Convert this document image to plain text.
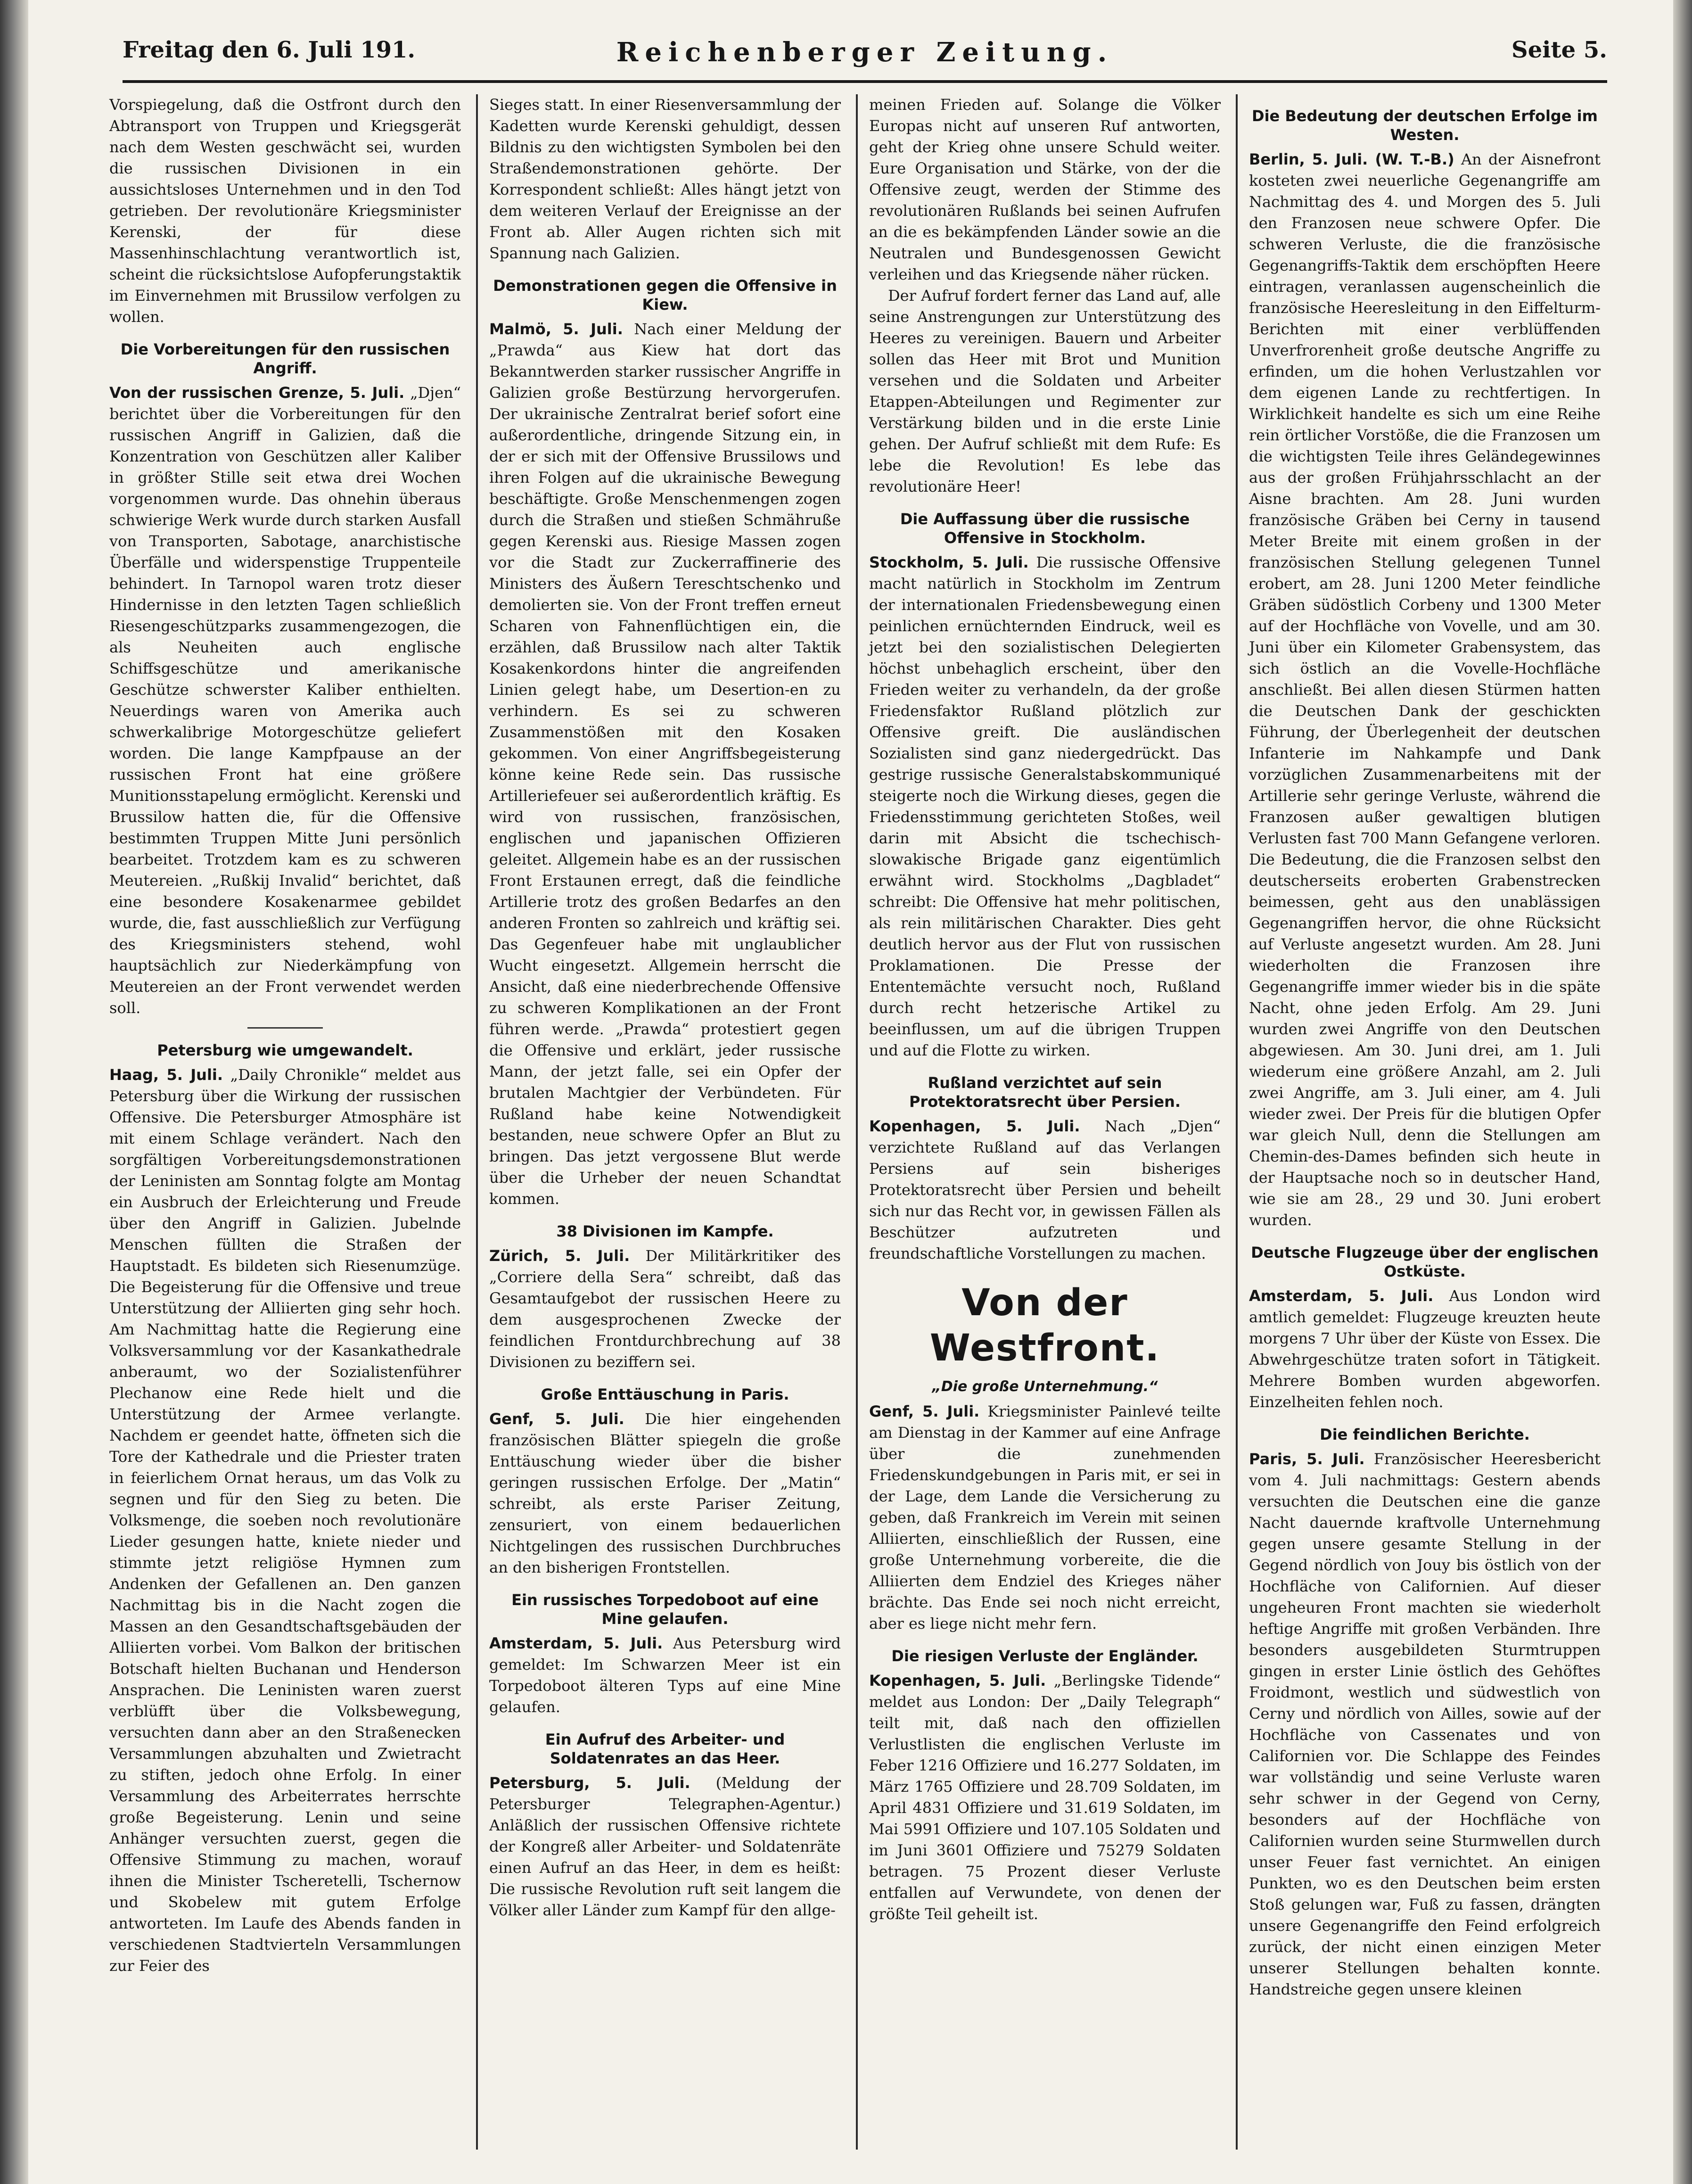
Freitag den 6. Juli 191.	Reichenberger Zeitung.	Seite 5.

Vorspiegelung, daß die Ostfront durch den Abtransport von Truppen und Kriegsgerät nach dem Westen geschwächt sei, wurden die russischen Divisionen in ein aussichtsloses Unternehmen und in den Tod getrieben. Der revolutionäre Kriegsminister Kerenski, der für diese Massenhinschlachtung verantwortlich ist, scheint die rücksichtslose Aufopferungstaktik im Einvernehmen mit Brussilow verfolgen zu wollen.

Die Vorbereitungen für den russischen Angriff.

Von der russischen Grenze, 5. Juli. „Djen“ berichtet über die Vorbereitungen für den russischen Angriff in Galizien, daß die Konzentration von Geschützen aller Kaliber in größter Stille seit etwa drei Wochen vorgenommen wurde. Das ohnehin überaus schwierige Werk wurde durch starken Ausfall von Transporten, Sabotage, anarchistische Überfälle und widerspenstige Truppenteile behindert. In Tarnopol waren trotz dieser Hindernisse in den letzten Tagen schließlich Riesengeschützparks zusammengezogen, die als Neuheiten auch englische Schiffsgeschütze und amerikanische Geschütze schwerster Kaliber enthielten. Neuerdings waren von Amerika auch schwerkalibrige Motorgeschütze geliefert worden. Die lange Kampfpause an der russischen Front hat eine größere Munitionsstapelung ermöglicht. Kerenski und Brussilow hatten die, für die Offensive bestimmten Truppen Mitte Juni persönlich bearbeitet. Trotzdem kam es zu schweren Meutereien. „Rußkij Invalid“ berichtet, daß eine besondere Kosakenarmee gebildet wurde, die, fast ausschließlich zur Verfügung des Kriegsministers stehend, wohl hauptsächlich zur Niederkämpfung von Meutereien an der Front verwendet werden soll.

Petersburg wie umgewandelt.

Haag, 5. Juli. „Daily Chronikle“ meldet aus Petersburg über die Wirkung der russischen Offensive. Die Petersburger Atmosphäre ist mit einem Schlage verändert. Nach den sorgfältigen Vorbereitungsdemonstrationen der Leninisten am Sonntag folgte am Montag ein Ausbruch der Erleichterung und Freude über den Angriff in Galizien. Jubelnde Menschen füllten die Straßen der Hauptstadt. Es bildeten sich Riesenumzüge. Die Begeisterung für die Offensive und treue Unterstützung der Alliierten ging sehr hoch. Am Nachmittag hatte die Regierung eine Volksversammlung vor der Kasankathedrale anberaumt, wo der Sozialistenführer Plechanow eine Rede hielt und die Unterstützung der Armee verlangte. Nachdem er geendet hatte, öffneten sich die Tore der Kathedrale und die Priester traten in feierlichem Ornat heraus, um das Volk zu segnen und für den Sieg zu beten. Die Volksmenge, die soeben noch revolutionäre Lieder gesungen hatte, kniete nieder und stimmte jetzt religiöse Hymnen zum Andenken der Gefallenen an. Den ganzen Nachmittag bis in die Nacht zogen die Massen an den Gesandtschaftsgebäuden der Alliierten vorbei. Vom Balkon der britischen Botschaft hielten Buchanan und Henderson Ansprachen. Die Leninisten waren zuerst verblüfft über die Volksbewegung, versuchten dann aber an den Straßenecken Versammlungen abzuhalten und Zwietracht zu stiften, jedoch ohne Erfolg. In einer Versammlung des Arbeiterrates herrschte große Begeisterung. Lenin und seine Anhänger versuchten zuerst, gegen die Offensive Stimmung zu machen, worauf ihnen die Minister Tscheretelli, Tschernow und Skobelew mit gutem Erfolge antworteten. Im Laufe des Abends fanden in verschiedenen Stadtvierteln Versammlungen zur Feier des

Sieges statt. In einer Riesenversammlung der Kadetten wurde Kerenski gehuldigt, dessen Bildnis zu den wichtigsten Symbolen bei den Straßendemonstrationen gehörte. Der Korrespondent schließt: Alles hängt jetzt von dem weiteren Verlauf der Ereignisse an der Front ab. Aller Augen richten sich mit Spannung nach Galizien.

Demonstrationen gegen die Offensive in Kiew.

Malmö, 5. Juli. Nach einer Meldung der „Prawda“ aus Kiew hat dort das Bekanntwerden starker russischer Angriffe in Galizien große Bestürzung hervorgerufen. Der ukrainische Zentralrat berief sofort eine außerordentliche, dringende Sitzung ein, in der er sich mit der Offensive Brussilows und ihren Folgen auf die ukrainische Bewegung beschäftigte. Große Menschenmengen zogen durch die Straßen und stießen Schmähruße gegen Kerenski aus. Riesige Massen zogen vor die Stadt zur Zuckerraffinerie des Ministers des Äußern Tereschtschenko und demolierten sie. Von der Front treffen erneut Scharen von Fahnenflüchtigen ein, die erzählen, daß Brussilow nach alter Taktik Kosakenkordons hinter die angreifenden Linien gelegt habe, um Desertion-en zu verhindern. Es sei zu schweren Zusammenstößen mit den Kosaken gekommen. Von einer Angriffsbegeisterung könne keine Rede sein. Das russische Artilleriefeuer sei außerordentlich kräftig. Es wird von russischen, französischen, englischen und japanischen Offizieren geleitet. Allgemein habe es an der russischen Front Erstaunen erregt, daß die feindliche Artillerie trotz des großen Bedarfes an den anderen Fronten so zahlreich und kräftig sei. Das Gegenfeuer habe mit unglaublicher Wucht eingesetzt. Allgemein herrscht die Ansicht, daß eine niederbrechende Offensive zu schweren Komplikationen an der Front führen werde. „Prawda“ protestiert gegen die Offensive und erklärt, jeder russische Mann, der jetzt falle, sei ein Opfer der brutalen Machtgier der Verbündeten. Für Rußland habe keine Notwendigkeit bestanden, neue schwere Opfer an Blut zu bringen. Das jetzt vergossene Blut werde über die Urheber der neuen Schandtat kommen.

38 Divisionen im Kampfe.

Zürich, 5. Juli. Der Militärkritiker des „Corriere della Sera“ schreibt, daß das Gesamtaufgebot der russischen Heere zu dem ausgesprochenen Zwecke der feindlichen Frontdurchbrechung auf 38 Divisionen zu beziffern sei.

Große Enttäuschung in Paris.

Genf, 5. Juli. Die hier eingehenden französischen Blätter spiegeln die große Enttäuschung wieder über die bisher geringen russischen Erfolge. Der „Matin“ schreibt, als erste Pariser Zeitung, zensuriert, von einem bedauerlichen Nichtgelingen des russischen Durchbruches an den bisherigen Frontstellen.

Ein russisches Torpedoboot auf eine Mine gelaufen.

Amsterdam, 5. Juli. Aus Petersburg wird gemeldet: Im Schwarzen Meer ist ein Torpedoboot älteren Typs auf eine Mine gelaufen.

Ein Aufruf des Arbeiter- und Soldatenrates an das Heer.

Petersburg, 5. Juli. (Meldung der Petersburger Telegraphen-Agentur.) Anläßlich der russischen Offensive richtete der Kongreß aller Arbeiter- und Soldatenräte einen Aufruf an das Heer, in dem es heißt: Die russische Revolution ruft seit langem die Völker aller Länder zum Kampf für den allge-

meinen Frieden auf. Solange die Völker Europas nicht auf unseren Ruf antworten, geht der Krieg ohne unsere Schuld weiter. Eure Organisation und Stärke, von der die Offensive zeugt, werden der Stimme des revolutionären Rußlands bei seinen Aufrufen an die es bekämpfenden Länder sowie an die Neutralen und Bundesgenossen Gewicht verleihen und das Kriegsende näher rücken.

Der Aufruf fordert ferner das Land auf, alle seine Anstrengungen zur Unterstützung des Heeres zu vereinigen. Bauern und Arbeiter sollen das Heer mit Brot und Munition versehen und die Soldaten und Arbeiter Etappen-Abteilungen und Regimenter zur Verstärkung bilden und in die erste Linie gehen. Der Aufruf schließt mit dem Rufe: Es lebe die Revolution! Es lebe das revolutionäre Heer!

Die Auffassung über die russische Offensive in Stockholm.

Stockholm, 5. Juli. Die russische Offensive macht natürlich in Stockholm im Zentrum der internationalen Friedensbewegung einen peinlichen ernüchternden Eindruck, weil es jetzt bei den sozialistischen Delegierten höchst unbehaglich erscheint, über den Frieden weiter zu verhandeln, da der große Friedensfaktor Rußland plötzlich zur Offensive greift. Die ausländischen Sozialisten sind ganz niedergedrückt. Das gestrige russische Generalstabskommuniqué steigerte noch die Wirkung dieses, gegen die Friedensstimmung gerichteten Stoßes, weil darin mit Absicht die tschechisch-slowakische Brigade ganz eigentümlich erwähnt wird. Stockholms „Dagbladet“ schreibt: Die Offensive hat mehr politischen, als rein militärischen Charakter. Dies geht deutlich hervor aus der Flut von russischen Proklamationen. Die Presse der Ententemächte versucht noch, Rußland durch recht hetzerische Artikel zu beeinflussen, um auf die übrigen Truppen und auf die Flotte zu wirken.

Rußland verzichtet auf sein Protektoratsrecht über Persien.

Kopenhagen, 5. Juli. Nach „Djen“ verzichtete Rußland auf das Verlangen Persiens auf sein bisheriges Protektoratsrecht über Persien und beheilt sich nur das Recht vor, in gewissen Fällen als Beschützer aufzutreten und freundschaftliche Vorstellungen zu machen.

Von der Westfront.
„Die große Unternehmung.“

Genf, 5. Juli. Kriegsminister Painlevé teilte am Dienstag in der Kammer auf eine Anfrage über die zunehmenden Friedenskundgebungen in Paris mit, er sei in der Lage, dem Lande die Versicherung zu geben, daß Frankreich im Verein mit seinen Alliierten, einschließlich der Russen, eine große Unternehmung vorbereite, die die Alliierten dem Endziel des Krieges näher brächte. Das Ende sei noch nicht erreicht, aber es liege nicht mehr fern.

Die riesigen Verluste der Engländer.

Kopenhagen, 5. Juli. „Berlingske Tidende“ meldet aus London: Der „Daily Telegraph“ teilt mit, daß nach den offiziellen Verlustlisten die englischen Verluste im Feber 1216 Offiziere und 16.277 Soldaten, im März 1765 Offiziere und 28.709 Soldaten, im April 4831 Offiziere und 31.619 Soldaten, im Mai 5991 Offiziere und 107.105 Soldaten und im Juni 3601 Offiziere und 75279 Soldaten betragen. 75 Prozent dieser Verluste entfallen auf Verwundete, von denen der größte Teil geheilt ist.

Die Bedeutung der deutschen Erfolge im Westen.

Berlin, 5. Juli. (W. T.-B.) An der Aisnefront kosteten zwei neuerliche Gegenangriffe am Nachmittag des 4. und Morgen des 5. Juli den Franzosen neue schwere Opfer. Die schweren Verluste, die die französische Gegenangriffs-Taktik dem erschöpften Heere eintragen, veranlassen augenscheinlich die französische Heeresleitung in den Eiffelturm-Berichten mit einer verblüffenden Unverfrorenheit große deutsche Angriffe zu erfinden, um die hohen Verlustzahlen vor dem eigenen Lande zu rechtfertigen. In Wirklichkeit handelte es sich um eine Reihe rein örtlicher Vorstöße, die die Franzosen um die wichtigsten Teile ihres Geländegewinnes aus der großen Frühjahrsschlacht an der Aisne brachten. Am 28. Juni wurden französische Gräben bei Cerny in tausend Meter Breite mit einem großen in der französischen Stellung gelegenen Tunnel erobert, am 28. Juni 1200 Meter feindliche Gräben südöstlich Corbeny und 1300 Meter auf der Hochfläche von Vovelle, und am 30. Juni über ein Kilometer Grabensystem, das sich östlich an die Vovelle-Hochfläche anschließt. Bei allen diesen Stürmen hatten die Deutschen Dank der geschickten Führung, der Überlegenheit der deutschen Infanterie im Nahkampfe und Dank vorzüglichen Zusammenarbeitens mit der Artillerie sehr geringe Verluste, während die Franzosen außer gewaltigen blutigen Verlusten fast 700 Mann Gefangene verloren. Die Bedeutung, die die Franzosen selbst den deutscherseits eroberten Grabenstrecken beimessen, geht aus den unablässigen Gegenangriffen hervor, die ohne Rücksicht auf Verluste angesetzt wurden. Am 28. Juni wiederholten die Franzosen ihre Gegenangriffe immer wieder bis in die späte Nacht, ohne jeden Erfolg. Am 29. Juni wurden zwei Angriffe von den Deutschen abgewiesen. Am 30. Juni drei, am 1. Juli wiederum eine größere Anzahl, am 2. Juli zwei Angriffe, am 3. Juli einer, am 4. Juli wieder zwei. Der Preis für die blutigen Opfer war gleich Null, denn die Stellungen am Chemin-des-Dames befinden sich heute in der Hauptsache noch so in deutscher Hand, wie sie am 28., 29 und 30. Juni erobert wurden.

Deutsche Flugzeuge über der englischen Ostküste.

Amsterdam, 5. Juli. Aus London wird amtlich gemeldet: Flugzeuge kreuzten heute morgens 7 Uhr über der Küste von Essex. Die Abwehrgeschütze traten sofort in Tätigkeit. Mehrere Bomben wurden abgeworfen. Einzelheiten fehlen noch.

Die feindlichen Berichte.

Paris, 5. Juli. Französischer Heeresbericht vom 4. Juli nachmittags: Gestern abends versuchten die Deutschen eine die ganze Nacht dauernde kraftvolle Unternehmung gegen unsere gesamte Stellung in der Gegend nördlich von Jouy bis östlich von der Hochfläche von Californien. Auf dieser ungeheuren Front machten sie wiederholt heftige Angriffe mit großen Verbänden. Ihre besonders ausgebildeten Sturmtruppen gingen in erster Linie östlich des Gehöftes Froidmont, westlich und südwestlich von Cerny und nördlich von Ailles, sowie auf der Hochfläche von Cassenates und von Californien vor. Die Schlappe des Feindes war vollständig und seine Verluste waren sehr schwer in der Gegend von Cerny, besonders auf der Hochfläche von Californien wurden seine Sturmwellen durch unser Feuer fast vernichtet. An einigen Punkten, wo es den Deutschen beim ersten Stoß gelungen war, Fuß zu fassen, drängten unsere Gegenangriffe den Feind erfolgreich zurück, der nicht einen einzigen Meter unserer Stellungen behalten konnte. Handstreiche gegen unsere kleinen
